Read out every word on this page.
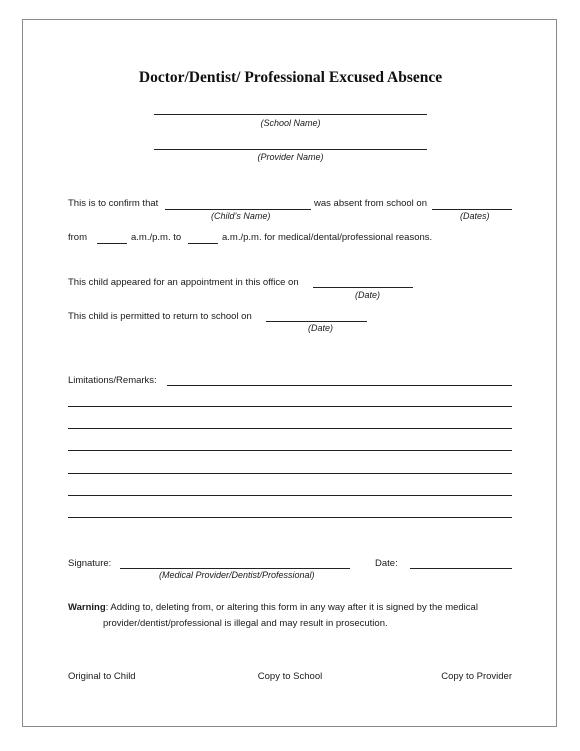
Doctor/Dentist/ Professional Excused Absence
(School Name)
(Provider Name)
This is to confirm that	was absent from school on
(Child’s Name)	(Dates)
from	a.m./p.m. to	a.m./p.m. for medical/dental/professional reasons.
This child appeared for an appointment in this office on
(Date)
This child is permitted to return to school on
(Date)
Limitations/Remarks:
Signature:
(Medical Provider/Dentist/Professional)
Date:
Warning: Adding to, deleting from, or altering this form in any way after it is signed by the medical
provider/dentist/professional is illegal and may result in prosecution.
Original to Child	Copy to School	Copy to Provider
